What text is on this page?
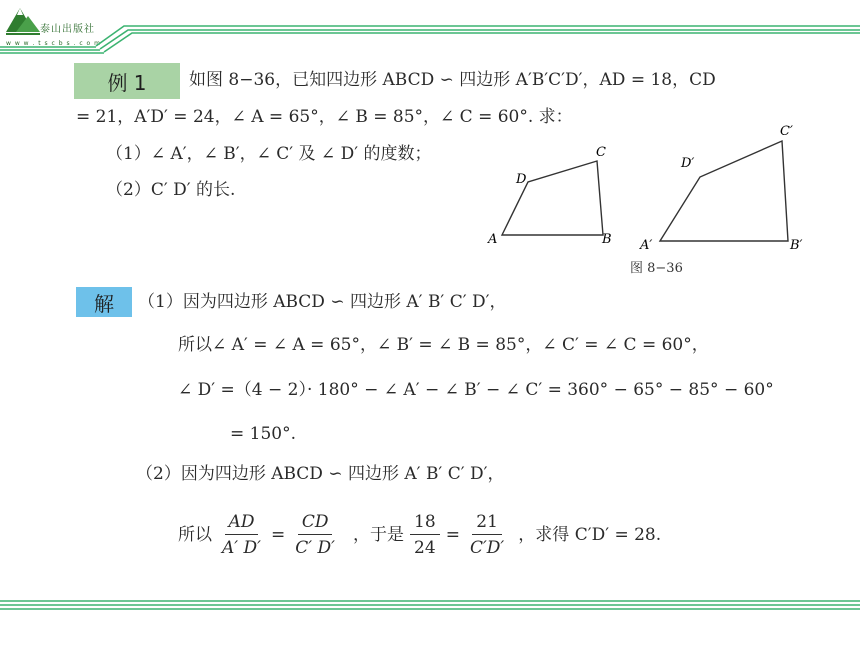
泰山出版社
w w w . t s c b s . c o m
例 1	如图 8−36，已知四边形 ABCD ∽ 四边形 A′B′C′D′，AD = 18，CD
= 21，A′D′ = 24，∠ A = 65°，∠ B = 85°，∠ C = 60°. 求：
（1）∠ A′，∠ B′，∠ C′ 及 ∠ D′ 的度数；
（2）C′ D′ 的长.
A	B
C
D
A′	B′
C′
D′
图 8−36
解	（1）因为四边形 ABCD ∽ 四边形 A′ B′ C′ D′，
所以∠ A′ = ∠ A = 65°，∠ B′ = ∠ B = 85°，∠ C′ = ∠ C = 60°，
∠ D′ =（4 − 2）· 180° − ∠ A′ − ∠ B′ − ∠ C′ = 360° − 65° − 85° − 60°
= 150°.
（2）因为四边形 ABCD ∽ 四边形 A′ B′ C′ D′，
所以 $\frac{AD}{A' D'} = \frac{CD}{C' D'}$ ，于是 $\frac{18}{24} = \frac{21}{C'D'}$ ，求得 C′D′ = 28.
